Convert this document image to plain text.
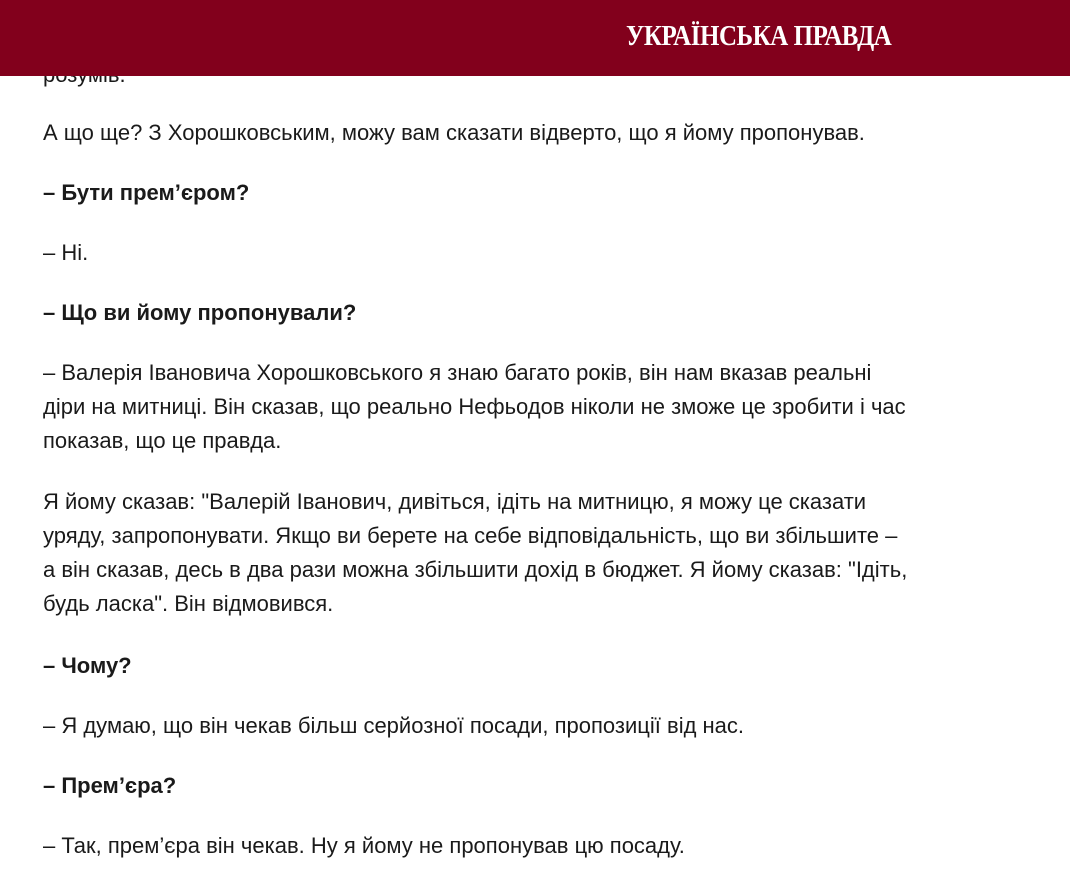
УКРАЇНСЬКА ПРАВДА

А що ще? З Хорошковським, можу вам сказати відверто, що я йому пропонував.

– Бути прем’єром?

– Ні.

– Що ви йому пропонували?

– Валерія Івановича Хорошковського я знаю багато років, він нам вказав реальні
діри на митниці. Він сказав, що реально Нефьодов ніколи не зможе це зробити і час
показав, що це правда.

Я йому сказав: "Валерій Іванович, дивіться, ідіть на митницю, я можу це сказати
уряду, запропонувати. Якщо ви берете на себе відповідальність, що ви збільшите –
а він сказав, десь в два рази можна збільшити дохід в бюджет. Я йому сказав: "Ідіть,
будь ласка". Він відмовився.

– Чому?

– Я думаю, що він чекав більш серйозної посади, пропозиції від нас.

– Прем’єра?

– Так, прем’єра він чекав. Ну я йому не пропонував цю посаду.
